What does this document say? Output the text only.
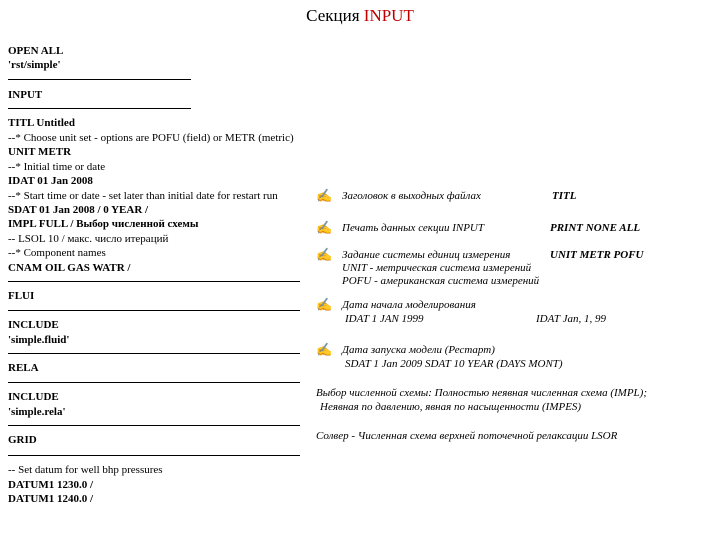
Секция INPUT
OPEN ALL
'rst/simple'
INPUT
TITL Untitled
--* Choose unit set - options are POFU (field) or METR (metric)
UNIT METR
--* Initial time or date
IDAT 01 Jan 2008
--* Start time or date - set later than initial date for restart run
SDAT 01 Jan 2008 / 0 YEAR /
IMPL FULL / Выбор численной схемы
-- LSOL 10 / макс. число итераций
--* Component names
CNAM OIL GAS WATR /
FLUI
INCLUDE
'simple.fluid'
RELA
INCLUDE
'simple.rela'
GRID
-- Set datum for well bhp pressures
DATUM1 1230.0 /
DATUM1 1240.0 /
✍ Заголовок в выходных файлах	TITL
✍ Печать данных секции INPUT	PRINT NONE ALL
✍ Задание системы единиц измерения	UNIT METR POFU
UNIT - метрическая система измерений
POFU - американская система измерений
✍ Дата начала моделирования
IDAT 1 JAN 1999	IDAT Jan, 1, 99
✍ Дата запуска модели (Рестарт)
SDAT 1 Jan 2009 SDAT 10 YEAR (DAYS MONT)
Выбор численной схемы: Полностью неявная численная схема (IMPL);
Неявная по давлению, явная по насыщенности (IMPES)
Солвер - Численная схема верхней поточечной релаксации LSOR
